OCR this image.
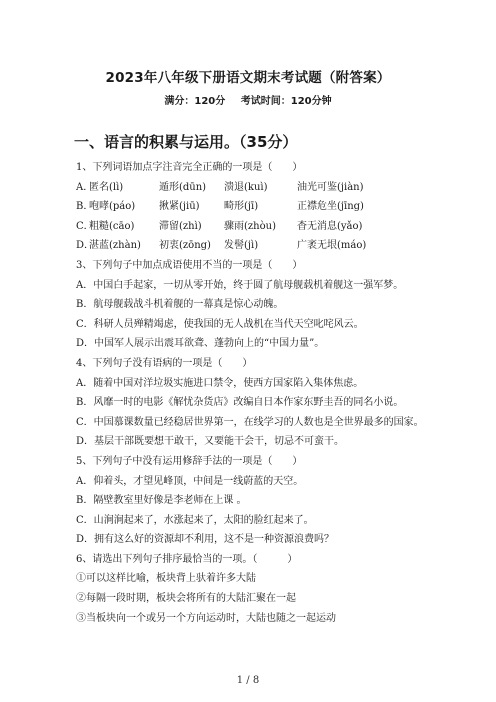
2023年八年级下册语文期末考试题（附答案）
满分：120分 考试时间：120分钟
一、语言的积累与运用。（35分）
1、下列词语加点字注音完全正确的一项是（　　）
A．
匿名(lì)	遁形(dūn)	溃退(kuì)	油光可鉴(jiàn)
B．
咆哮(páo)	揪紧(jiū)	畸形(jī)	正襟危坐(jīng)
C．
粗糙(cāo)	滞留(zhì)	骤雨(zhòu)	杳无消息(yǎo)
D．
湛蓝(zhàn)	初衷(zōng)	发髻(jì)	广袤无垠(máo)
3、下列句子中加点成语使用不当的一项是（　　）
A．中国白手起家，一切从零开始，终于圆了航母舰载机着舰这一强军梦。
B．航母舰载战斗机着舰的一幕真是惊心动魄。
C．科研人员殚精竭虑，使我国的无人战机在当代天空叱咤风云。
D．中国军人展示出震耳欲聋、蓬勃向上的“中国力量”。
4、下列句子没有语病的一项是（　　）
A．随着中国对洋垃圾实施进口禁令，使西方国家陷入集体焦虑。
B．风靡一时的电影《解忧杂货店》改编自日本作家东野圭吾的同名小说。
C．中国慕课数量已经稳居世界第一，在线学习的人数也是全世界最多的国家。
D．基层干部既要想干敢干，又要能干会干，切忌不可蛮干。
5、下列句子中没有运用修辞手法的一项是（　　）
A．仰着头，才望见峰顶，中间是一线蔚蓝的天空。
B．隔壁教室里好像是李老师在上课 。
C．山涧涧起来了，水涨起来了，太阳的脸红起来了。
D．拥有这么好的资源却不利用，这不是一种资源浪费吗？
6、请选出下列句子排序最恰当的一项。（　　　）
①可以这样比喻，板块背上驮着许多大陆
②每隔一段时期，板块会将所有的大陆汇聚在一起
③当板块向一个或另一个方向运动时，大陆也随之一起运动
1 / 8
